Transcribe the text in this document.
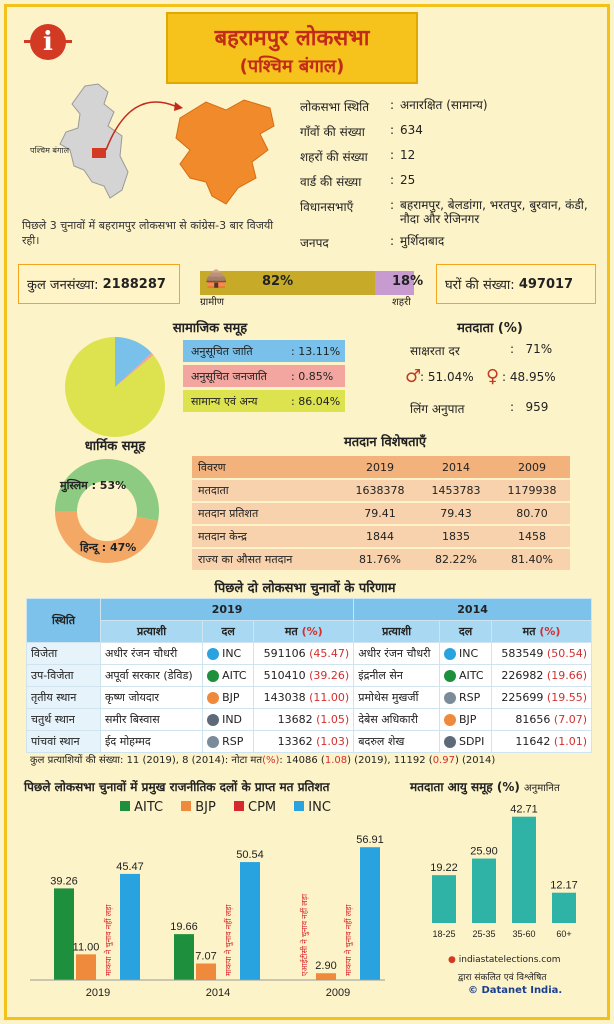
i	बहरामपुर लोकसभा
(पश्चिम बंगाल)
पश्चिम बंगाल
पिछले 3 चुनावों में बहरामपुर लोकसभा से कांग्रेस-3 बार विजयी रही।
लोकसभा स्थिति	: अनारक्षित (सामान्य)
गाँवों की संख्या	: 634
शहरों की संख्या	: 12
वार्ड की संख्या	: 25
विधानसभाएँ	: बहरामपुर, बेलडांगा, भरतपुर, बुरवान, कंडी, नौदा और रेजिनगर
जनपद	: मुर्शिदाबाद
कुल जनसंख्या:
2188287 🛖	82%	18%
ग्रामीण	शहरी
घरों की संख्या:
497017
सामाजिक समूह
अनुसूचित जाति	: 13.11%
अनुसूचित जनजाति	: 0.85%
सामान्य एवं अन्य	: 86.04%
मतदाता (%)
साक्षरता दर	:   71%
♂
: 51.04% ♀ : 48.95%
लिंग अनुपात	:   959
धार्मिक समूह
मुस्लिम : 53%
हिन्दू : 47%
मतदान विशेषताएँ
विवरण	2019	2014	2009
मतदाता	1638378	1453783	1179938
मतदान प्रतिशत	79.41	79.43	80.70
मतदान केन्द्र	1844	1835	1458
राज्य का औसत मतदान	81.76%	82.22%	81.40%
पिछले दो लोकसभा चुनावों के परिणाम
स्थिति	2019			2014		
	प्रत्याशी	दल	मत (%)	प्रत्याशी	दल	मत (%)
विजेता	अधीर रंजन चौधरी	INC	591106 (45.47)	अधीर रंजन चौधरी	INC	583549 (50.54)
उप-विजेता	अपूर्वा सरकार (डेविड)	AITC	510410 (39.26)	इंद्रनील सेन	AITC	226982 (19.66)
तृतीय स्थान	कृष्ण जोयदार	BJP	143038 (11.00)	प्रमोथेस मुखर्जी	RSP	225699 (19.55)
चतुर्थ स्थान	समीर बिस्वास	IND	13682 (1.05)	देबेस अधिकारी	BJP	81656 (7.07)
पांचवां स्थान	ईद मोहम्मद	RSP	13362 (1.03)	बदरुल शेख	SDPI	11642 (1.01)
कुल प्रत्याशियों की संख्या: 11 (2019), 8 (2014): नोटा मत(%): 14086 (1.08) (2019), 11192 (0.97) (2014)
पिछले लोकसभा चुनावों में प्रमुख राजनीतिक दलों के प्राप्त मत प्रतिशत
AITC	BJP	CPM	INC
39.26
11.00 माकपा ने चुनाव नहीं लड़ा
45.47
2019
19.66
7.07 माकपा ने चुनाव नहीं लड़ा
50.54
2014
एआईटीसी ने चुनाव नहीं लड़ा 2.90 माकपा ने चुनाव नहीं लड़ा
56.91
2009
मतदाता आयु समूह (%) अनुमानित
19.22
18-25
25.90
25-35
42.71
35-60
12.17
60+
● indiastatelections.com
द्वारा संकलित एवं विश्लेषित
© Datanet India.
